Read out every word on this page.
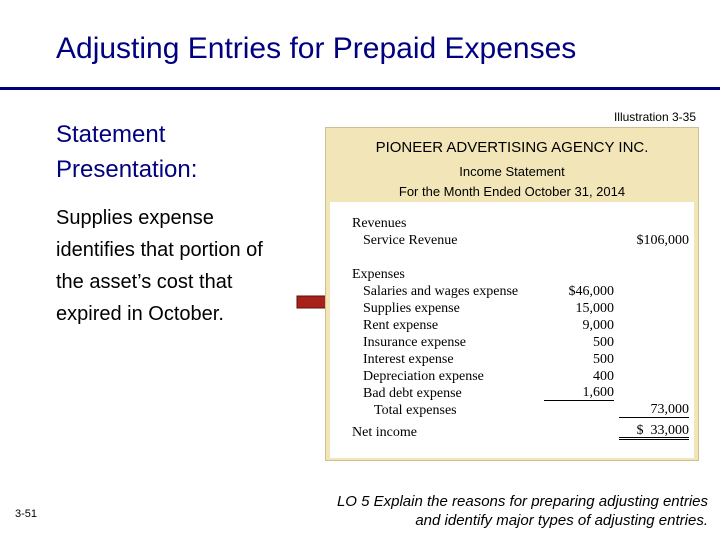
Adjusting Entries for Prepaid Expenses
Illustration 3-35
Statement
Presentation:
Supplies expense
identifies that portion of
the asset’s cost that
expired in October.
PIONEER ADVERTISING AGENCY INC.
Income Statement
For the Month Ended October 31, 2014
Revenues
Service Revenue	$106,000
Expenses
Salaries and wages expense	$46,000
Supplies expense	15,000
Rent expense	9,000
Insurance expense	500
Interest expense	500
Depreciation expense	400
Bad debt expense	1,600
Total expenses	73,000
Net income	$  33,000
LO 5 Explain the reasons for preparing adjusting entries
and identify major types of adjusting entries.
3-51
